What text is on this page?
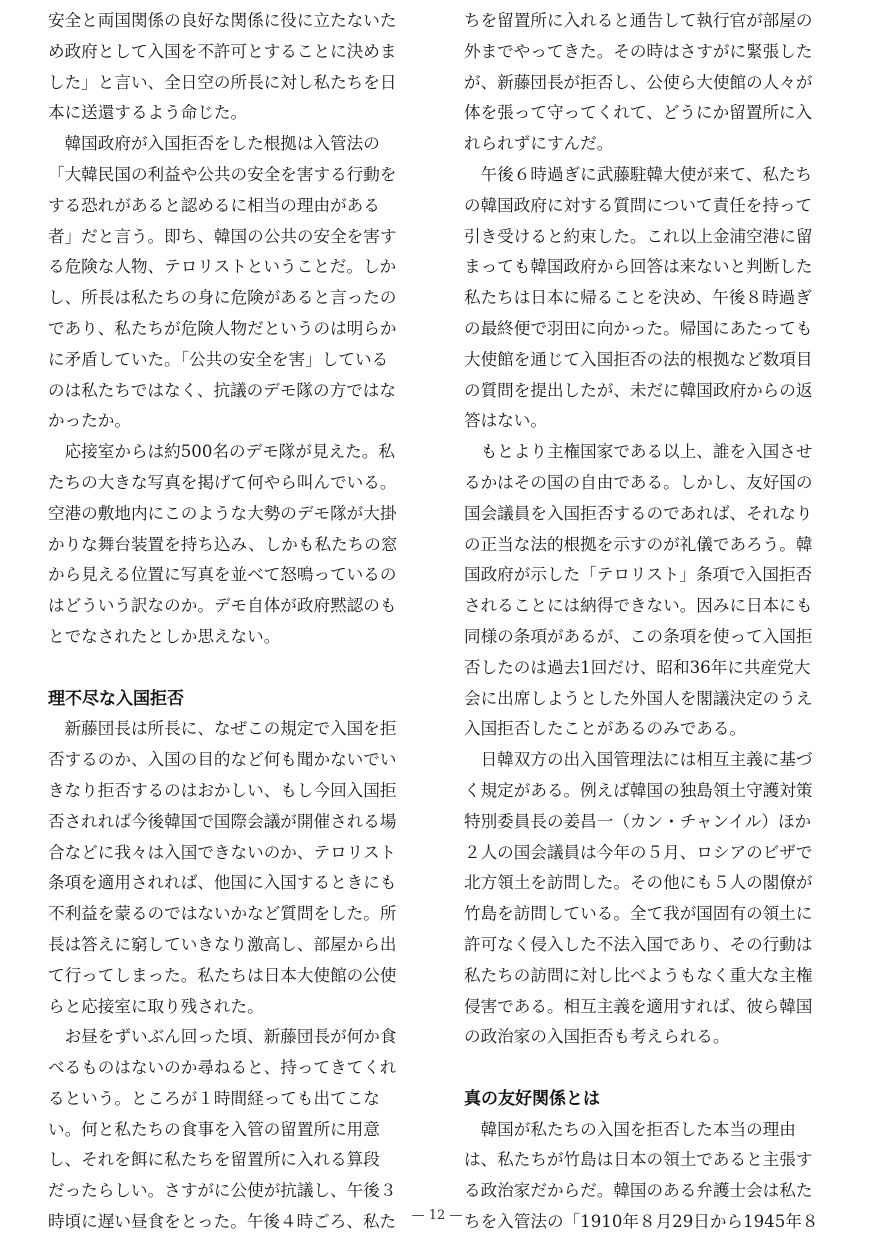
安全と両国関係の良好な関係に役に立たないた
め政府として入国を不許可とすることに決めま
した」と言い、全日空の所長に対し私たちを日
本に送還するよう命じた。
　韓国政府が入国拒否をした根拠は入管法の
「大韓民国の利益や公共の安全を害する行動を
する恐れがあると認めるに相当の理由がある
者」だと言う。即ち、韓国の公共の安全を害す
る危険な人物、テロリストということだ。しか
し、所長は私たちの身に危険があると言ったの
であり、私たちが危険人物だというのは明らか
に矛盾していた。「公共の安全を害」している
のは私たちではなく、抗議のデモ隊の方ではな
かったか。
　応接室からは約500名のデモ隊が見えた。私
たちの大きな写真を掲げて何やら叫んでいる。
空港の敷地内にこのような大勢のデモ隊が大掛
かりな舞台装置を持ち込み、しかも私たちの窓
から見える位置に写真を並べて怒鳴っているの
はどういう訳なのか。デモ自体が政府黙認のも
とでなされたとしか思えない。
理不尽な入国拒否
　新藤団長は所長に、なぜこの規定で入国を拒
否するのか、入国の目的など何も聞かないでい
きなり拒否するのはおかしい、もし今回入国拒
否されれば今後韓国で国際会議が開催される場
合などに我々は入国できないのか、テロリスト
条項を適用されれば、他国に入国するときにも
不利益を蒙るのではないかなど質問をした。所
長は答えに窮していきなり激高し、部屋から出
て行ってしまった。私たちは日本大使館の公使
らと応接室に取り残された。
　お昼をずいぶん回った頃、新藤団長が何か食
べるものはないのか尋ねると、持ってきてくれ
るという。ところが１時間経っても出てこな
い。何と私たちの食事を入管の留置所に用意
し、それを餌に私たちを留置所に入れる算段
だったらしい。さすがに公使が抗議し、午後３
時頃に遅い昼食をとった。午後４時ごろ、私た
ちを留置所に入れると通告して執行官が部屋の
外までやってきた。その時はさすがに緊張した
が、新藤団長が拒否し、公使ら大使館の人々が
体を張って守ってくれて、どうにか留置所に入
れられずにすんだ。
　午後６時過ぎに武藤駐韓大使が来て、私たち
の韓国政府に対する質問について責任を持って
引き受けると約束した。これ以上金浦空港に留
まっても韓国政府から回答は来ないと判断した
私たちは日本に帰ることを決め、午後８時過ぎ
の最終便で羽田に向かった。帰国にあたっても
大使館を通じて入国拒否の法的根拠など数項目
の質問を提出したが、未だに韓国政府からの返
答はない。
　もとより主権国家である以上、誰を入国させ
るかはその国の自由である。しかし、友好国の
国会議員を入国拒否するのであれば、それなり
の正当な法的根拠を示すのが礼儀であろう。韓
国政府が示した「テロリスト」条項で入国拒否
されることには納得できない。因みに日本にも
同様の条項があるが、この条項を使って入国拒
否したのは過去1回だけ、昭和36年に共産党大
会に出席しようとした外国人を閣議決定のうえ
入国拒否したことがあるのみである。
　日韓双方の出入国管理法には相互主義に基づ
く規定がある。例えば韓国の独島領土守護対策
特別委員長の姜昌一（カン・チャンイル）ほか
２人の国会議員は今年の５月、ロシアのビザで
北方領土を訪問した。その他にも５人の閣僚が
竹島を訪問している。全て我が国固有の領土に
許可なく侵入した不法入国であり、その行動は
私たちの訪問に対し比べようもなく重大な主権
侵害である。相互主義を適用すれば、彼ら韓国
の政治家の入国拒否も考えられる。
真の友好関係とは
　韓国が私たちの入国を拒否した本当の理由
は、私たちが竹島は日本の領土であると主張す
る政治家だからだ。韓国のある弁護士会は私た
ちを入管法の「1910年８月29日から1945年８
— 12 —
